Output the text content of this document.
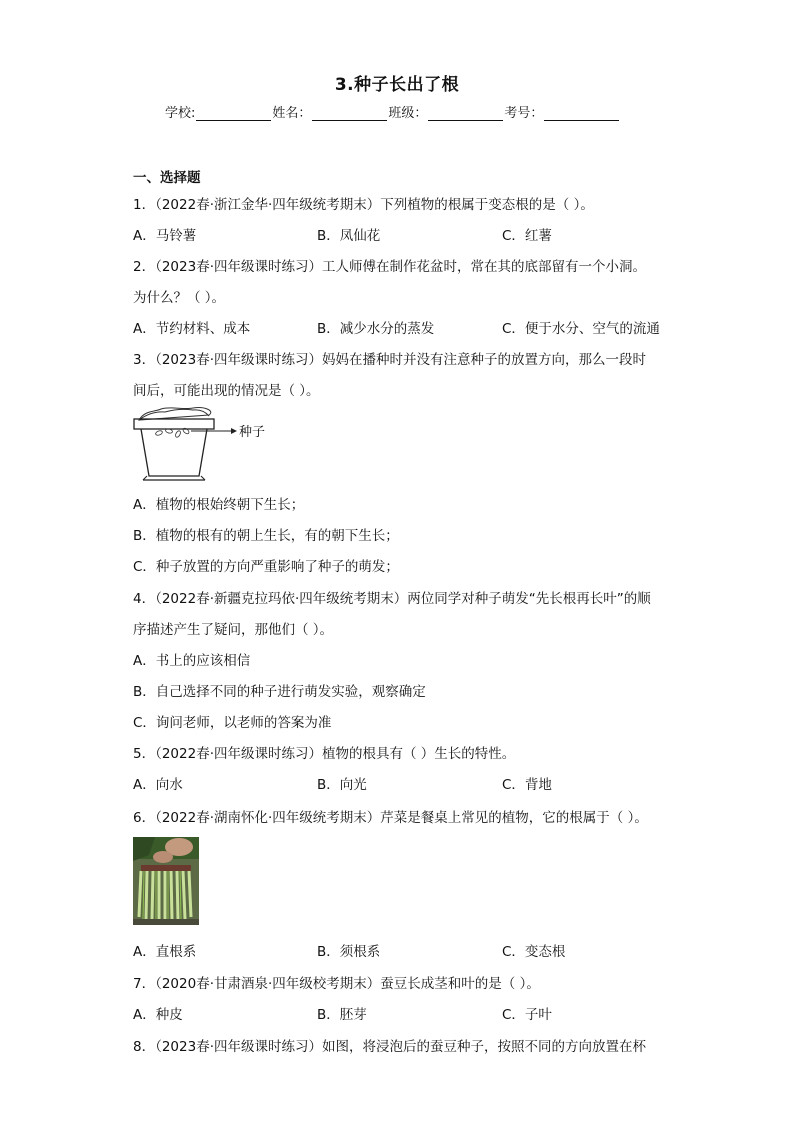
3.种子长出了根
学校:	姓名：	班级：	考号：
一、选择题
1．（2022春·浙江金华·四年级统考期末）下列植物的根属于变态根的是（ ）。
A．马铃薯	B．凤仙花	C．红薯
2．（2023春·四年级课时练习）工人师傅在制作花盆时，常在其的底部留有一个小洞。
为什么？（ ）。
A．节约材料、成本	B．减少水分的蒸发	C．便于水分、空气的流通
3．（2023春·四年级课时练习）妈妈在播种时并没有注意种子的放置方向，那么一段时
间后，可能出现的情况是（ ）。
种子
A．植物的根始终朝下生长；
B．植物的根有的朝上生长，有的朝下生长；
C．种子放置的方向严重影响了种子的萌发；
4．（2022春·新疆克拉玛依·四年级统考期末）两位同学对种子萌发“先长根再长叶”的顺
序描述产生了疑问，那他们（ ）。
A．书上的应该相信
B．自己选择不同的种子进行萌发实验，观察确定
C．询问老师，以老师的答案为准
5．（2022春·四年级课时练习）植物的根具有（ ）生长的特性。
A．向水	B．向光	C．背地
6．（2022春·湖南怀化·四年级统考期末）芹菜是餐桌上常见的植物，它的根属于（ ）。
A．直根系	B．须根系	C．变态根
7．（2020春·甘肃酒泉·四年级校考期末）蚕豆长成茎和叶的是（ ）。
A．种皮	B．胚芽	C．子叶
8．（2023春·四年级课时练习）如图，将浸泡后的蚕豆种子，按照不同的方向放置在杯
